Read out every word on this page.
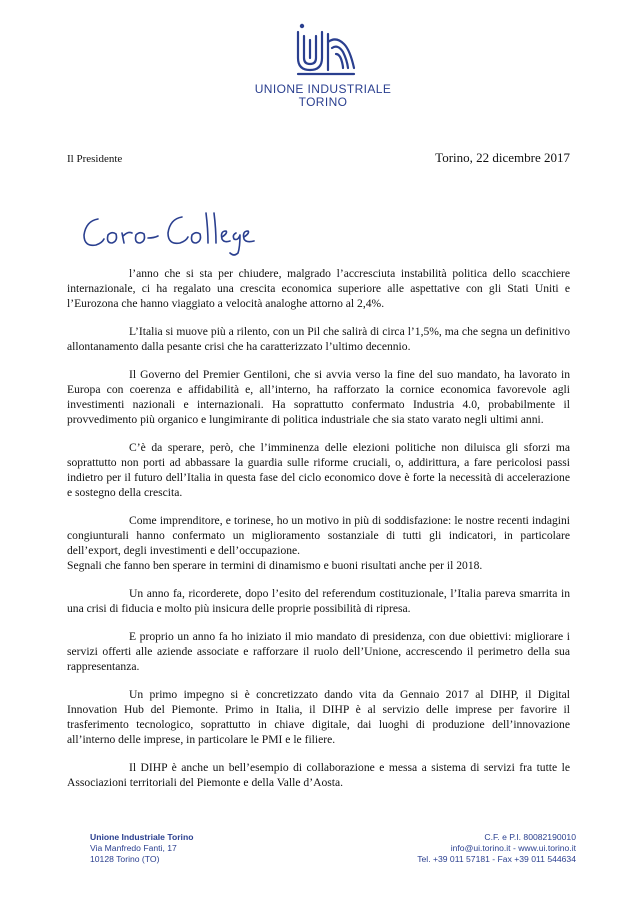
UNIONE INDUSTRIALE
TORINO
Il Presidente	Torino, 22 dicembre 2017

l’anno che si sta per chiudere, malgrado l’accresciuta instabilità politica dello scacchiere internazionale, ci ha regalato una crescita economica superiore alle aspettative con gli Stati Uniti e l’Eurozona che hanno viaggiato a velocità analoghe attorno al 2,4%.

L’Italia si muove più a rilento, con un Pil che salirà di circa l’1,5%, ma che segna un definitivo allontanamento dalla pesante crisi che ha caratterizzato l’ultimo decennio.

Il Governo del Premier Gentiloni, che si avvia verso la fine del suo mandato, ha lavorato in Europa con coerenza e affidabilità e, all’interno, ha rafforzato la cornice economica favorevole agli investimenti nazionali e internazionali. Ha soprattutto confermato Industria 4.0, probabilmente il provvedimento più organico e lungimirante di politica industriale che sia stato varato negli ultimi anni.

C’è da sperare, però, che l’imminenza delle elezioni politiche non diluisca gli sforzi ma soprattutto non porti ad abbassare la guardia sulle riforme cruciali, o, addirittura, a fare pericolosi passi indietro per il futuro dell’Italia in questa fase del ciclo economico dove è forte la necessità di accelerazione e sostegno della crescita.

Come imprenditore, e torinese, ho un motivo in più di soddisfazione: le nostre recenti indagini congiunturali hanno confermato un miglioramento sostanziale di tutti gli indicatori, in particolare dell’export, degli investimenti e dell’occupazione.

Segnali che fanno ben sperare in termini di dinamismo e buoni risultati anche per il 2018.

Un anno fa, ricorderete, dopo l’esito del referendum costituzionale, l’Italia pareva smarrita in una crisi di fiducia e molto più insicura delle proprie possibilità di ripresa.

E proprio un anno fa ho iniziato il mio mandato di presidenza, con due obiettivi: migliorare i servizi offerti alle aziende associate e rafforzare il ruolo dell’Unione, accrescendo il perimetro della sua rappresentanza.

Un primo impegno si è concretizzato dando vita da Gennaio 2017 al DIHP, il Digital Innovation Hub del Piemonte. Primo in Italia, il DIHP è al servizio delle imprese per favorire il trasferimento tecnologico, soprattutto in chiave digitale, dai luoghi di produzione dell’innovazione all’interno delle imprese, in particolare le PMI e le filiere.

Il DIHP è anche un bell’esempio di collaborazione e messa a sistema di servizi fra tutte le Associazioni territoriali del Piemonte e della Valle d’Aosta.

Unione Industriale Torino
Via Manfredo Fanti, 17
10128 Torino (TO)
C.F. e P.I. 80082190010
info@ui.torino.it - www.ui.torino.it
Tel. +39 011 57181 - Fax +39 011 544634
